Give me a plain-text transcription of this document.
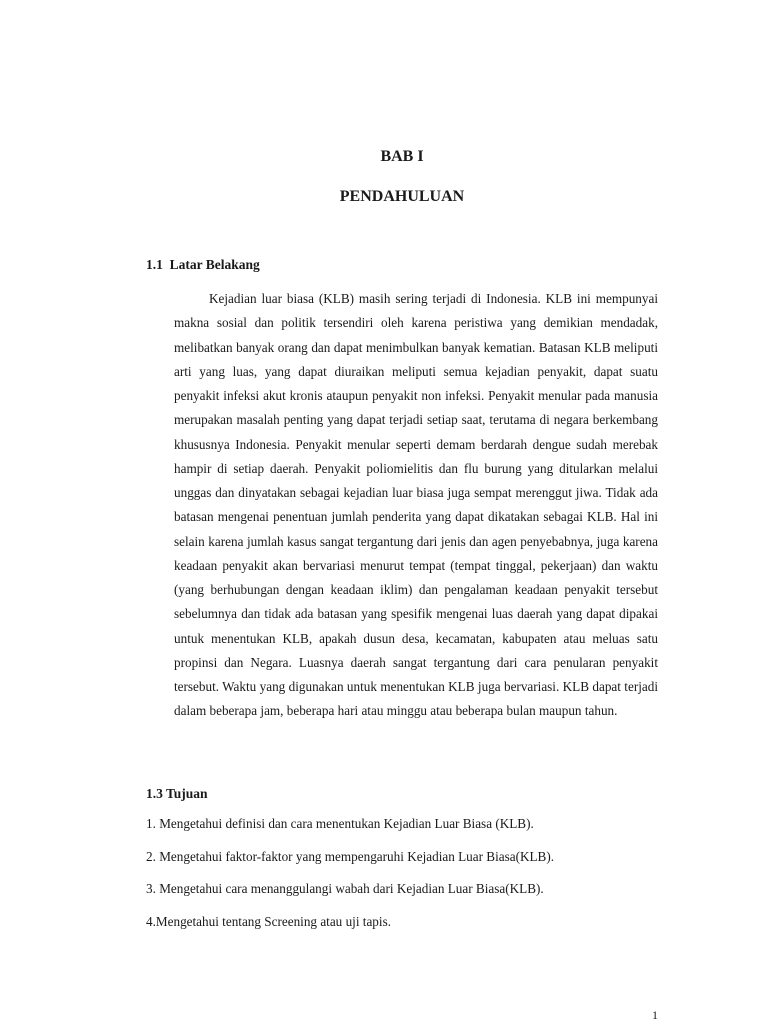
BAB I
PENDAHULUAN
1.1  Latar Belakang

Kejadian luar biasa (KLB) masih sering terjadi di Indonesia. KLB ini mempunyai makna sosial dan politik tersendiri oleh karena peristiwa yang demikian mendadak, melibatkan banyak orang dan dapat menimbulkan banyak kematian. Batasan KLB meliputi arti yang luas, yang dapat diuraikan meliputi semua kejadian penyakit, dapat suatu penyakit infeksi akut kronis ataupun penyakit non infeksi. Penyakit menular pada manusia merupakan masalah penting yang dapat terjadi setiap saat, terutama di negara berkembang khususnya Indonesia. Penyakit menular seperti demam berdarah dengue sudah merebak hampir di setiap daerah. Penyakit poliomielitis dan flu burung yang ditularkan melalui unggas dan dinyatakan sebagai kejadian luar biasa juga sempat merenggut jiwa. Tidak ada batasan mengenai penentuan jumlah penderita yang dapat dikatakan sebagai KLB. Hal ini selain karena jumlah kasus sangat tergantung dari jenis dan agen penyebabnya, juga karena keadaan penyakit akan bervariasi menurut tempat (tempat tinggal, pekerjaan) dan waktu (yang berhubungan dengan keadaan iklim) dan pengalaman keadaan penyakit tersebut sebelumnya dan tidak ada batasan yang spesifik mengenai luas daerah yang dapat dipakai untuk menentukan KLB, apakah dusun desa, kecamatan, kabupaten atau meluas satu propinsi dan Negara. Luasnya daerah sangat tergantung dari cara penularan penyakit tersebut. Waktu yang digunakan untuk menentukan KLB juga bervariasi. KLB dapat terjadi dalam beberapa jam, beberapa hari atau minggu atau beberapa bulan maupun tahun.

1.3 Tujuan
1. Mengetahui definisi dan cara menentukan Kejadian Luar Biasa (KLB).
2. Mengetahui faktor-faktor yang mempengaruhi Kejadian Luar Biasa(KLB).
3. Mengetahui cara menanggulangi wabah dari Kejadian Luar Biasa(KLB).
4.Mengetahui tentang Screening atau uji tapis.
1
